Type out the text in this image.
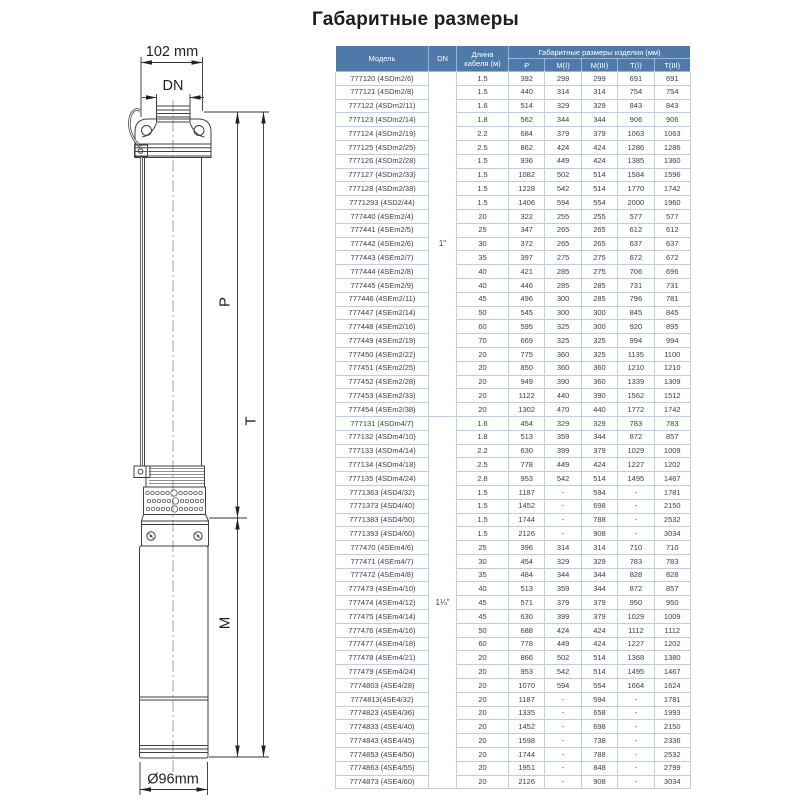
Габаритные размеры
102 mm
DN
P
M
T
Ø96mm
Модель	DN	Длина кабеля (м)	Габаритные размеры изделия (мм)				
			P	M(I)	M(III)	T(I)	T(III)
777120 (4SDm2/6)	1"	1.5	392	299	299	691	691
777121 (4SDm2/8)		1.5	440	314	314	754	754
777122 (4SDm2/11)		1.6	514	329	329	843	843
777123 (4SDm2/14)		1.8	562	344	344	906	906
777124 (4SDm2/19)		2.2	684	379	379	1063	1063
777125 (4SDm2/25)		2.5	862	424	424	1286	1286
777126 (4SDm2/28)		1.5	936	449	424	1385	1360
777127 (4SDm2/33)		1.5	1082	502	514	1584	1596
777128 (4SDm2/38)		1.5	1228	542	514	1770	1742
7771293 (4SD2/44)		1.5	1406	594	554	2000	1960
777440 (4SEm2/4)		20	322	255	255	577	577
777441 (4SEm2/5)		25	347	265	265	612	612
777442 (4SEm2/6)		30	372	265	265	637	637
777443 (4SEm2/7)		35	397	275	275	672	672
777444 (4SEm2/8)		40	421	285	275	706	696
777445 (4SEm2/9)		40	446	285	285	731	731
777446 (4SEm2/11)		45	496	300	285	796	781
777447 (4SEm2/14)		50	545	300	300	845	845
777448 (4SEm2/16)		60	595	325	300	920	895
777449 (4SEm2/19)		70	669	325	325	994	994
777450 (4SEm2/22)		20	775	360	325	1135	1100
777451 (4SEm2/25)		20	850	360	360	1210	1210
777452 (4SEm2/28)		20	949	390	360	1339	1309
777453 (4SEm2/33)		20	1122	440	390	1562	1512
777454 (4SEm2/38)		20	1302	470	440	1772	1742
777131 (4SDm4/7)	1¼"	1.6	454	329	329	783	783
777132 (4SDm4/10)		1.8	513	359	344	872	857
777133 (4SDm4/14)		2.2	630	399	379	1029	1009
777134 (4SDm4/18)		2.5	778	449	424	1227	1202
777135 (4SDm4/24)		2.8	953	542	514	1495	1467
7771363 (4SD4/32)		1.5	1187	-	594	-	1781
7771373 (4SD4/40)		1.5	1452	-	698	-	2150
7771383 (4SD4/50)		1.5	1744	-	788	-	2532
7771393 (4SD4/60)		1.5	2126	-	908	-	3034
777470 (4SEm4/6)		25	396	314	314	710	710
777471 (4SEm4/7)		30	454	329	329	783	783
777472 (4SEm4/8)		35	484	344	344	828	828
777473 (4SEm4/10)		40	513	359	344	872	857
777474 (4SEm4/12)		45	571	379	379	950	950
777475 (4SEm4/14)		45	630	399	379	1029	1009
777476 (4SEm4/16)		50	688	424	424	1112	1112
777477 (4SEm4/18)		60	778	449	424	1227	1202
777478 (4SEm4/21)		20	866	502	514	1368	1380
777479 (4SEm4/24)		20	953	542	514	1495	1467
7774803 (4SE4/28)		20	1070	594	554	1664	1624
7774813(4SE4/32)		20	1187	-	594	-	1781
7774823 (4SE4/36)		20	1335	-	658	-	1993
7774833 (4SE4/40)		20	1452	-	698	-	2150
7774843 (4SE4/45)		20	1598	-	738	-	2336
7774853 (4SE4/50)		20	1744	-	788	-	2532
7774863 (4SE4/55)		20	1951	-	848	-	2799
7774873 (4SE4/60)		20	2126	-	908	-	3034
